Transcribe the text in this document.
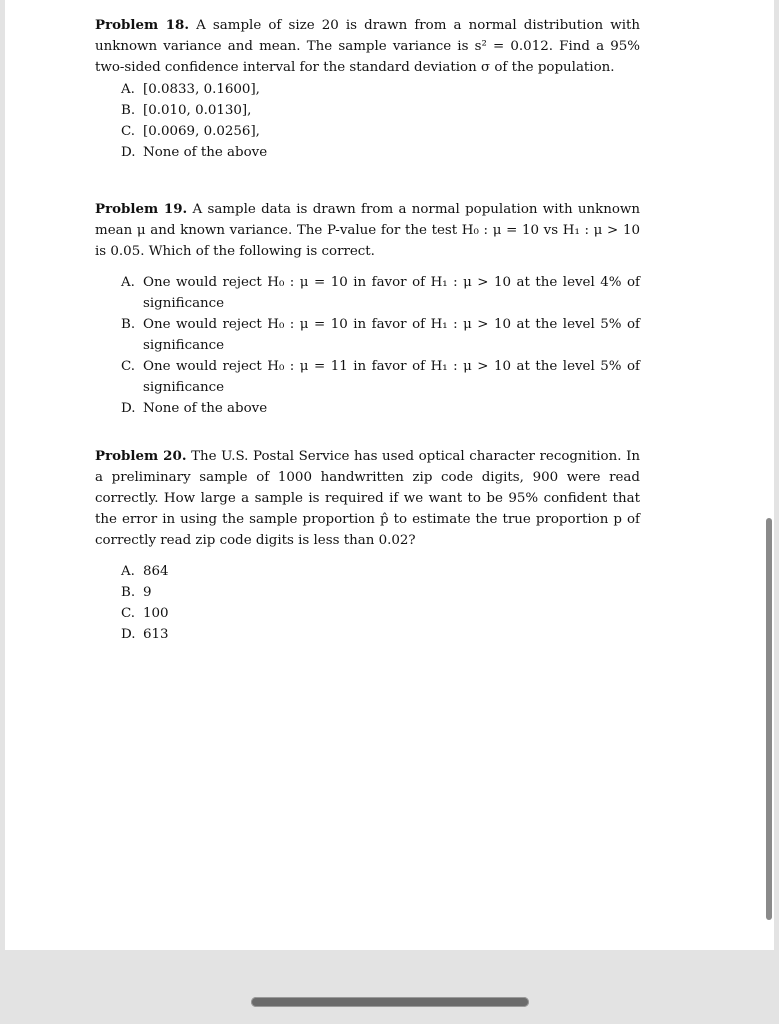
Problem 18. A sample of size 20 is drawn from a normal distribution with unknown variance and mean. The sample variance is s² = 0.012. Find a 95% two-sided confidence interval for the standard deviation σ of the population.
A. [0.0833, 0.1600],
B. [0.010, 0.0130],
C. [0.0069, 0.0256],
D. None of the above
Problem 19. A sample data is drawn from a normal population with unknown mean μ and known variance. The P-value for the test H₀ : μ = 10 vs H₁ : μ > 10 is 0.05. Which of the following is correct.
A. One would reject H₀ : μ = 10 in favor of H₁ : μ > 10 at the level 4% of significance
B. One would reject H₀ : μ = 10 in favor of H₁ : μ > 10 at the level 5% of significance
C. One would reject H₀ : μ = 11 in favor of H₁ : μ > 10 at the level 5% of significance
D. None of the above
Problem 20. The U.S. Postal Service has used optical character recognition. In a preliminary sample of 1000 handwritten zip code digits, 900 were read correctly. How large a sample is required if we want to be 95% confident that the error in using the sample proportion p̂ to estimate the true proportion p of correctly read zip code digits is less than 0.02?
A. 864
B. 9
C. 100
D. 613
